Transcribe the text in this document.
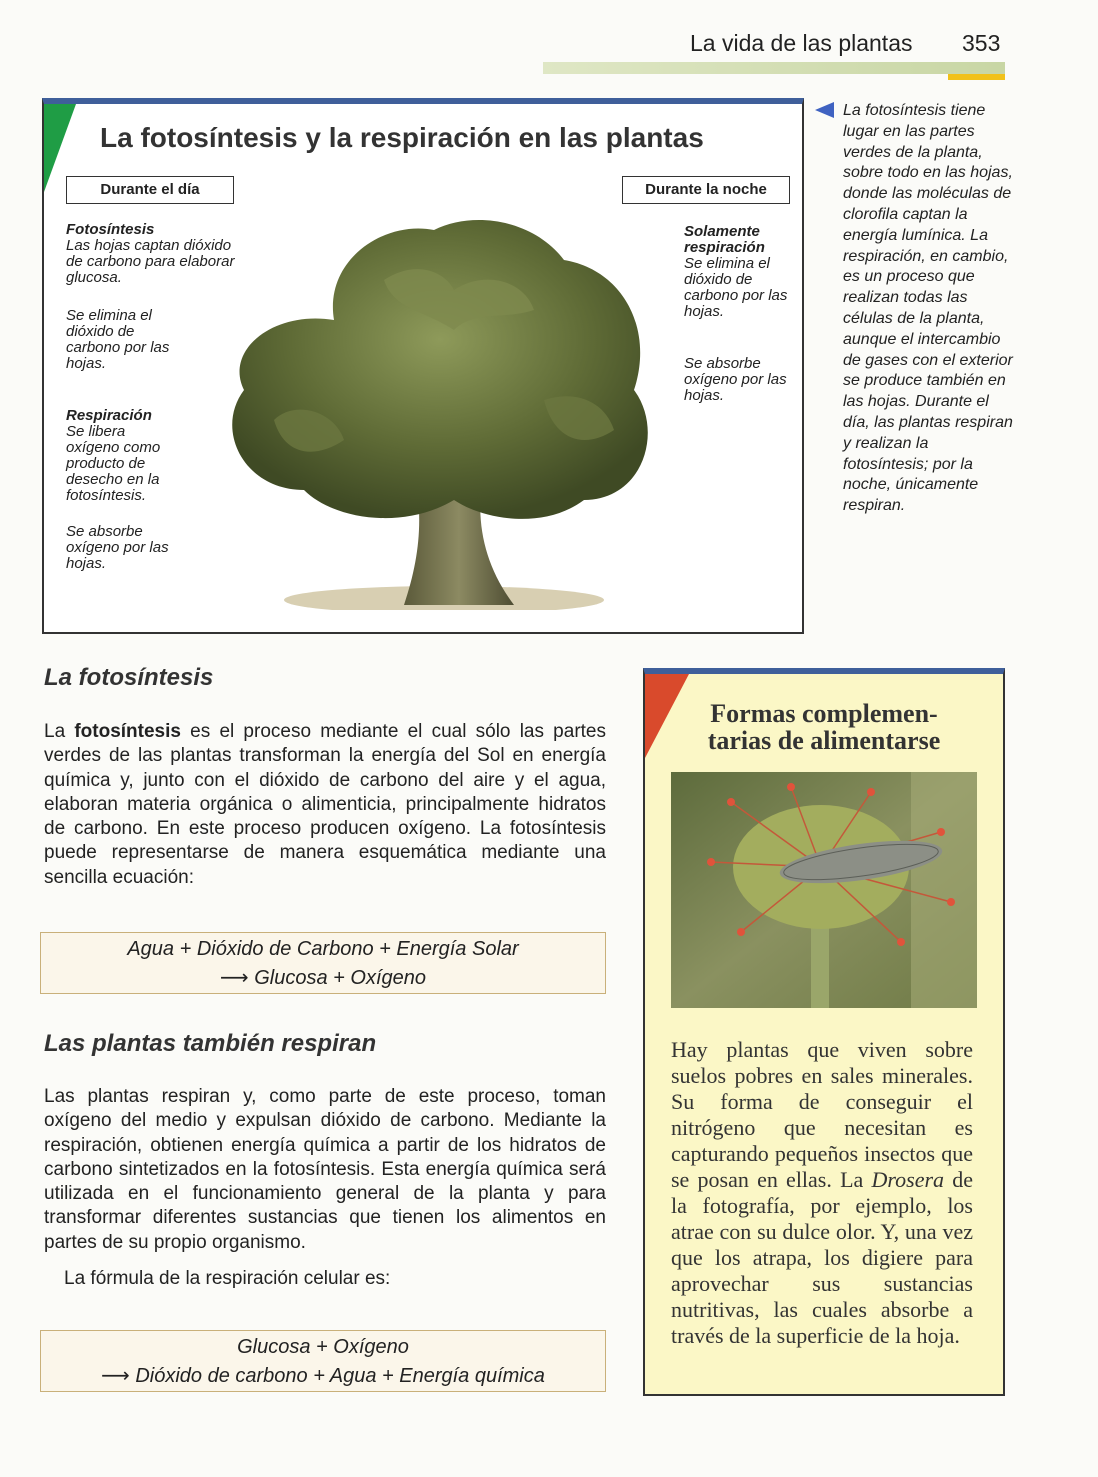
La vida de las plantas 353
La fotosíntesis y la respiración en las plantas
Durante el día	Durante la noche
Fotosíntesis
Las hojas captan dióxido de carbono para elaborar glucosa.
Se elimina el dióxido de carbono por las hojas.
Respiración
Se libera oxígeno como producto de desecho en la fotosíntesis.
Se absorbe oxígeno por las hojas.
Solamente respiración
Se elimina el dióxido de carbono por las hojas.
Se absorbe oxígeno por las hojas.
La fotosíntesis tiene lugar en las partes verdes de la planta, sobre todo en las hojas, donde las moléculas de clorofila captan la energía lumínica. La respiración, en cambio, es un proceso que realizan todas las células de la planta, aunque el intercambio de gases con el exterior se produce también en las hojas. Durante el día, las plantas respiran y realizan la fotosíntesis; por la noche, únicamente respiran.
La fotosíntesis
La fotosíntesis es el proceso mediante el cual sólo las partes verdes de las plantas transforman la energía del Sol en energía química y, junto con el dióxido de carbono del aire y el agua, elaboran materia orgánica o alimenticia, principalmente hidratos de carbono. En este proceso producen oxígeno. La fotosíntesis puede representarse de manera esquemática mediante una sencilla ecuación:
Agua + Dióxido de Carbono + Energía Solar
⟶ Glucosa + Oxígeno
Las plantas también respiran
Las plantas respiran y, como parte de este proceso, toman oxígeno del medio y expulsan dióxido de carbono. Mediante la respiración, obtienen energía química a partir de los hidratos de carbono sintetizados en la fotosíntesis. Esta energía química será utilizada en el funcionamiento general de la planta y para transformar diferentes sustancias que tienen los alimentos en partes de su propio organismo.
La fórmula de la respiración celular es:
Glucosa + Oxígeno
⟶ Dióxido de carbono + Agua + Energía química
Formas complemen-
tarias de alimentarse
Hay plantas que viven sobre suelos pobres en sales minerales. Su forma de conseguir el nitrógeno que necesitan es capturando pequeños insectos que se posan en ellas. La Drosera de la fotografía, por ejemplo, los atrae con su dulce olor. Y, una vez que los atrapa, los digiere para aprovechar sus sustancias nutritivas, las cuales absorbe a través de la superficie de la hoja.
